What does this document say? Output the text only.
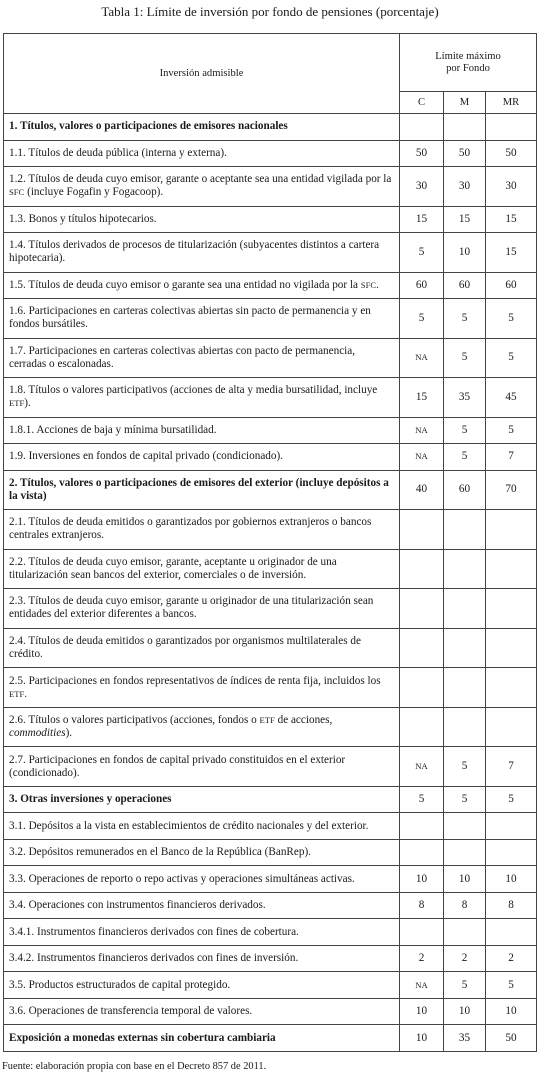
Tabla 1: Límite de inversión por fondo de pensiones (porcentaje)
Inversión admisible	Límite máximo
por Fondo		
	C	M	MR
1. Títulos, valores o participaciones de emisores nacionales			
1.1. Títulos de deuda pública (interna y externa).	50	50	50
1.2. Títulos de deuda cuyo emisor, garante o aceptante sea una entidad vigilada por la SFC (incluye Fogafin y Fogacoop).	30	30	30
1.3. Bonos y títulos hipotecarios.	15	15	15
1.4. Títulos derivados de procesos de titularización (subyacentes distintos a cartera hipotecaria).	5	10	15
1.5. Títulos de deuda cuyo emisor o garante sea una entidad no vigilada por la SFC.	60	60	60
1.6. Participaciones en carteras colectivas abiertas sin pacto de permanencia y en fondos bursátiles.	5	5	5
1.7. Participaciones en carteras colectivas abiertas con pacto de permanencia, cerradas o escalonadas.	NA	5	5
1.8. Títulos o valores participativos (acciones de alta y media bursatilidad, incluye ETF).	15	35	45
1.8.1. Acciones de baja y mínima bursatilidad.	NA	5	5
1.9. Inversiones en fondos de capital privado (condicionado).	NA	5	7
2. Títulos, valores o participaciones de emisores del exterior (incluye depósitos a la vista)	40	60	70
2.1. Títulos de deuda emitidos o garantizados por gobiernos extranjeros o bancos centrales extranjeros.			
2.2. Títulos de deuda cuyo emisor, garante, aceptante u originador de una titularización sean bancos del exterior, comerciales o de inversión.			
2.3. Títulos de deuda cuyo emisor, garante u originador de una titularización sean entidades del exterior diferentes a bancos.			
2.4. Títulos de deuda emitidos o garantizados por organismos multilaterales de crédito.			
2.5. Participaciones en fondos representativos de índices de renta fija, incluidos los ETF.			
2.6. Títulos o valores participativos (acciones, fondos o ETF de acciones, commodities).			
2.7. Participaciones en fondos de capital privado constituidos en el exterior (condicionado).	NA	5	7
3. Otras inversiones y operaciones	5	5	5
3.1. Depósitos a la vista en establecimientos de crédito nacionales y del exterior.			
3.2. Depósitos remunerados en el Banco de la República (BanRep).			
3.3. Operaciones de reporto o repo activas y operaciones simultáneas activas.	10	10	10
3.4. Operaciones con instrumentos financieros derivados.	8	8	8
3.4.1. Instrumentos financieros derivados con fines de cobertura.			
3.4.2. Instrumentos financieros derivados con fines de inversión.	2	2	2
3.5. Productos estructurados de capital protegido.	NA	5	5
3.6. Operaciones de transferencia temporal de valores.	10	10	10
Exposición a monedas externas sin cobertura cambiaria	10	35	50
Fuente: elaboración propia con base en el Decreto 857 de 2011.
